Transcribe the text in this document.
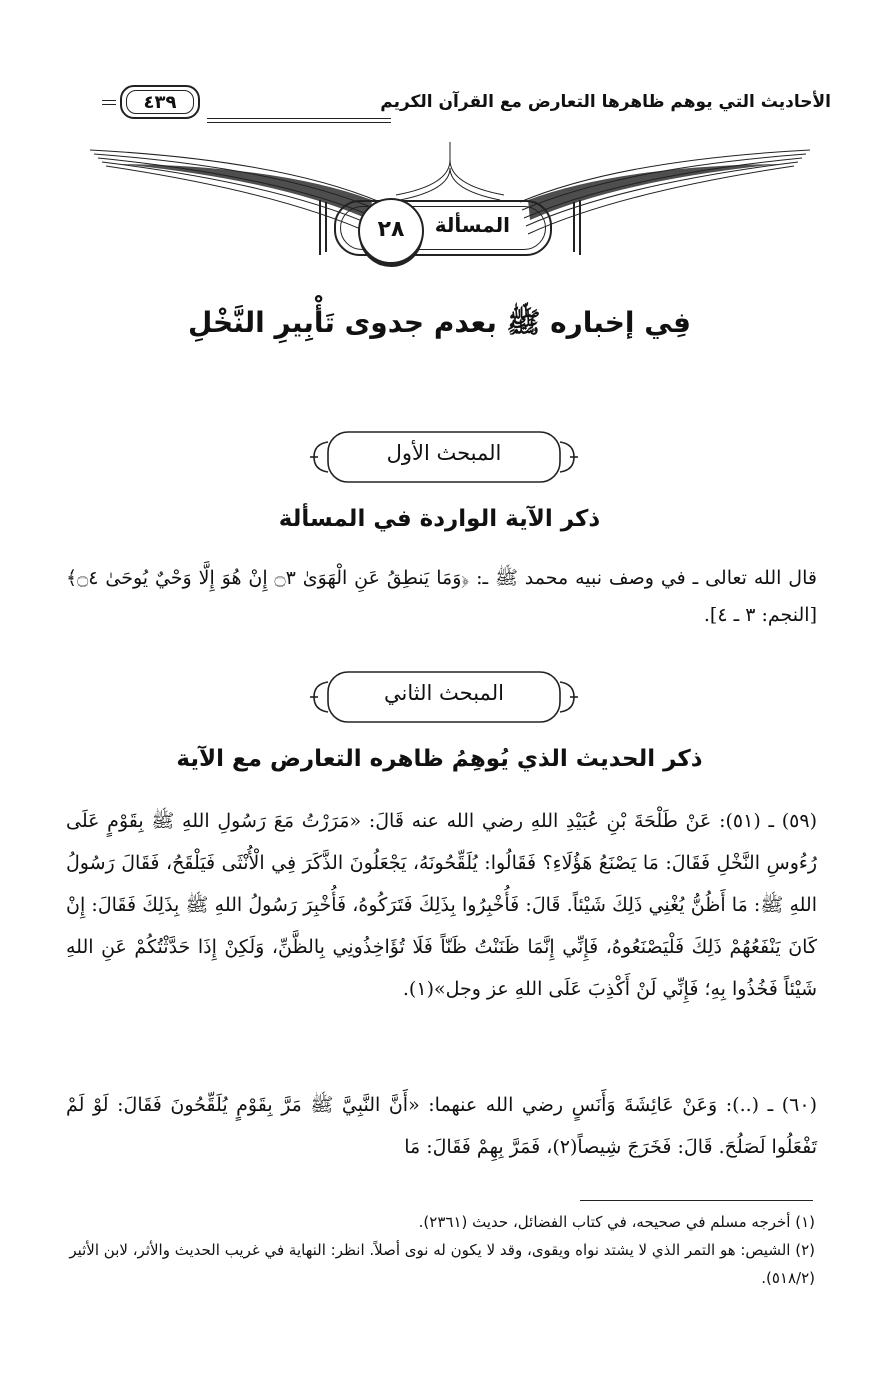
الأحاديث التي يوهم ظاهرها التعارض مع القرآن الكريم
٤٣٩
المسألة
٢٨
فِي إخباره ﷺ بعدم جدوى تَأْبِيرِ النَّخْلِ
المبحث الأول
ذكر الآية الواردة في المسألة
قال الله تعالى ـ في وصف نبيه محمد ﷺ ـ: ﴿وَمَا يَنطِقُ عَنِ الْهَوَىٰ ۝٣ إِنْ هُوَ إِلَّا وَحْيٌ يُوحَىٰ ۝٤﴾ [النجم: ٣ ـ ٤].
المبحث الثاني
ذكر الحديث الذي يُوهِمُ ظاهره التعارض مع الآية
(٥٩) ـ (٥١): عَنْ طَلْحَةَ بْنِ عُبَيْدِ اللهِ رضي الله عنه قَالَ: «مَرَرْتُ مَعَ رَسُولِ اللهِ ﷺ بِقَوْمٍ عَلَى رُءُوسِ النَّخْلِ فَقَالَ: مَا يَصْنَعُ هَؤُلَاءِ؟ فَقَالُوا: يُلَقِّحُونَهُ، يَجْعَلُونَ الذَّكَرَ فِي الْأُنْثَى فَيَلْقَحُ، فَقَالَ رَسُولُ اللهِ ﷺ: مَا أَظُنُّ يُغْنِي ذَلِكَ شَيْئاً. قَالَ: فَأُخْبِرُوا بِذَلِكَ فَتَرَكُوهُ، فَأُخْبِرَ رَسُولُ اللهِ ﷺ بِذَلِكَ فَقَالَ: إِنْ كَانَ يَنْفَعُهُمْ ذَلِكَ فَلْيَصْنَعُوهُ، فَإِنِّي إِنَّمَا ظَنَنْتُ ظَنّاً فَلَا تُؤَاخِذُونِي بِالظَّنِّ، وَلَكِنْ إِذَا حَدَّثْتُكُمْ عَنِ اللهِ شَيْئاً فَخُذُوا بِهِ؛ فَإِنِّي لَنْ أَكْذِبَ عَلَى اللهِ عز وجل»(١).
(٦٠) ـ (..): وَعَنْ عَائِشَةَ وَأَنَسٍ رضي الله عنهما: «أَنَّ النَّبِيَّ ﷺ مَرَّ بِقَوْمٍ يُلَقِّحُونَ فَقَالَ: لَوْ لَمْ تَفْعَلُوا لَصَلُحَ. قَالَ: فَخَرَجَ شِيصاً(٢)، فَمَرَّ بِهِمْ فَقَالَ: مَا
(١) أخرجه مسلم في صحيحه، في كتاب الفضائل، حديث (٢٣٦١).
(٢) الشيص: هو التمر الذي لا يشتد نواه ويقوى، وقد لا يكون له نوى أصلاً. انظر: النهاية في غريب الحديث والأثر، لابن الأثير (٥١٨/٢).
